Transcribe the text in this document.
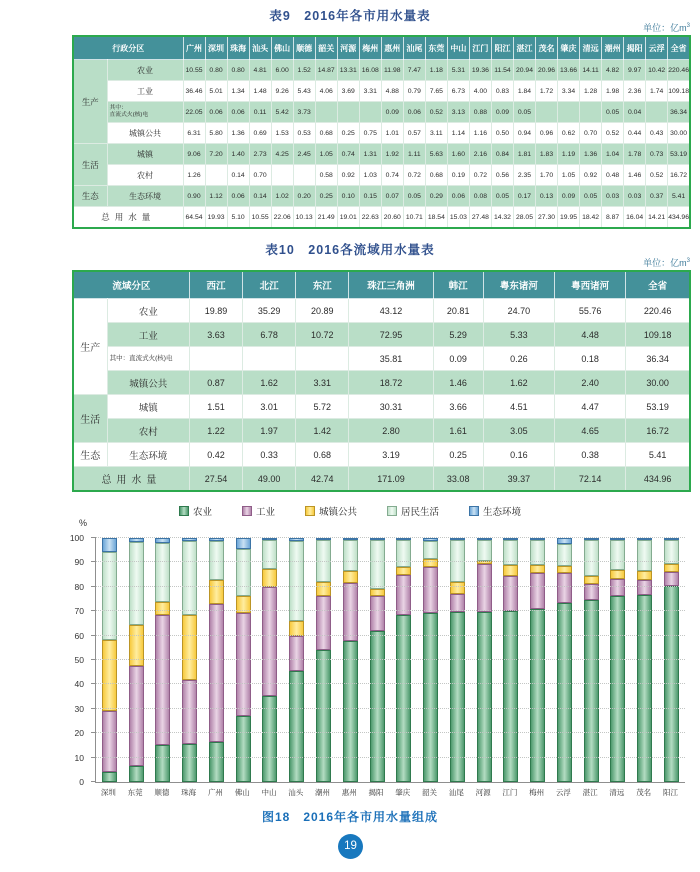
表9　2016年各市用水量表
单位：亿$m^3$
行政分区		广州	深圳	珠海	汕头	佛山	顺德	韶关	河源	梅州	惠州	汕尾	东莞	中山	江门	阳江	湛江	茂名	肇庆	清远	潮州	揭阳	云浮	全省
生产	农业	10.55	0.80	0.80	4.81	6.00	1.52	14.87	13.31	16.08	11.98	7.47	1.18	5.31	19.36	11.54	20.94	20.96	13.66	14.11	4.82	9.97	10.42	220.46
	工业	36.46	5.01	1.34	1.48	9.26	5.43	4.06	3.69	3.31	4.88	0.79	7.65	6.73	4.00	0.83	1.84	1.72	3.34	1.28	1.98	2.36	1.74	109.18
	其中：
直流式火(核)电	22.05	0.06	0.06	0.11	5.42	3.73				0.09	0.06	0.52	3.13	0.88	0.09	0.05				0.05	0.04		36.34
	城镇公共	6.31	5.80	1.36	0.69	1.53	0.53	0.68	0.25	0.75	1.01	0.57	3.11	1.14	1.16	0.50	0.94	0.96	0.62	0.70	0.52	0.44	0.43	30.00
生活	城镇	9.06	7.20	1.40	2.73	4.25	2.45	1.05	0.74	1.31	1.92	1.11	5.63	1.60	2.16	0.84	1.81	1.83	1.19	1.36	1.04	1.78	0.73	53.19
	农村	1.26		0.14	0.70			0.58	0.92	1.03	0.74	0.72	0.68	0.19	0.72	0.56	2.35	1.70	1.05	0.92	0.48	1.46	0.52	16.72
生态	生态环境	0.90	1.12	0.06	0.14	1.02	0.20	0.25	0.10	0.15	0.07	0.05	0.29	0.06	0.08	0.05	0.17	0.13	0.09	0.05	0.03	0.03	0.37	5.41
总用水量		64.54	19.93	5.10	10.55	22.06	10.13	21.49	19.01	22.63	20.60	10.71	18.54	15.03	27.48	14.32	28.05	27.30	19.95	18.42	8.87	16.04	14.21	434.96
表10　2016各流域用水量表
单位：亿$m^3$
流域分区		西江	北江	东江	珠江三角洲	韩江	粤东诸河	粤西诸河	全省
生产	农业	19.89	35.29	20.89	43.12	20.81	24.70	55.76	220.46
	工业	3.63	6.78	10.72	72.95	5.29	5.33	4.48	109.18
	其中：直流式火(核)电				35.81	0.09	0.26	0.18	36.34
	城镇公共	0.87	1.62	3.31	18.72	1.46	1.62	2.40	30.00
生活	城镇	1.51	3.01	5.72	30.31	3.66	4.51	4.47	53.19
	农村	1.22	1.97	1.42	2.80	1.61	3.05	4.65	16.72
生态	生态环境	0.42	0.33	0.68	3.19	0.25	0.16	0.38	5.41
总用水量		27.54	49.00	42.74	171.09	33.08	39.37	72.14	434.96
农业	工业	城镇公共	居民生活	生态环境
%
0
10
20
30
40
50
60
70
80
90
100
深圳	东莞	顺德	珠海	广州	佛山	中山	汕头	潮州	惠州	揭阳	肇庆	韶关	汕尾	河源	江门	梅州	云浮	湛江	清远	茂名	阳江
图18　2016年各市用水量组成
19
